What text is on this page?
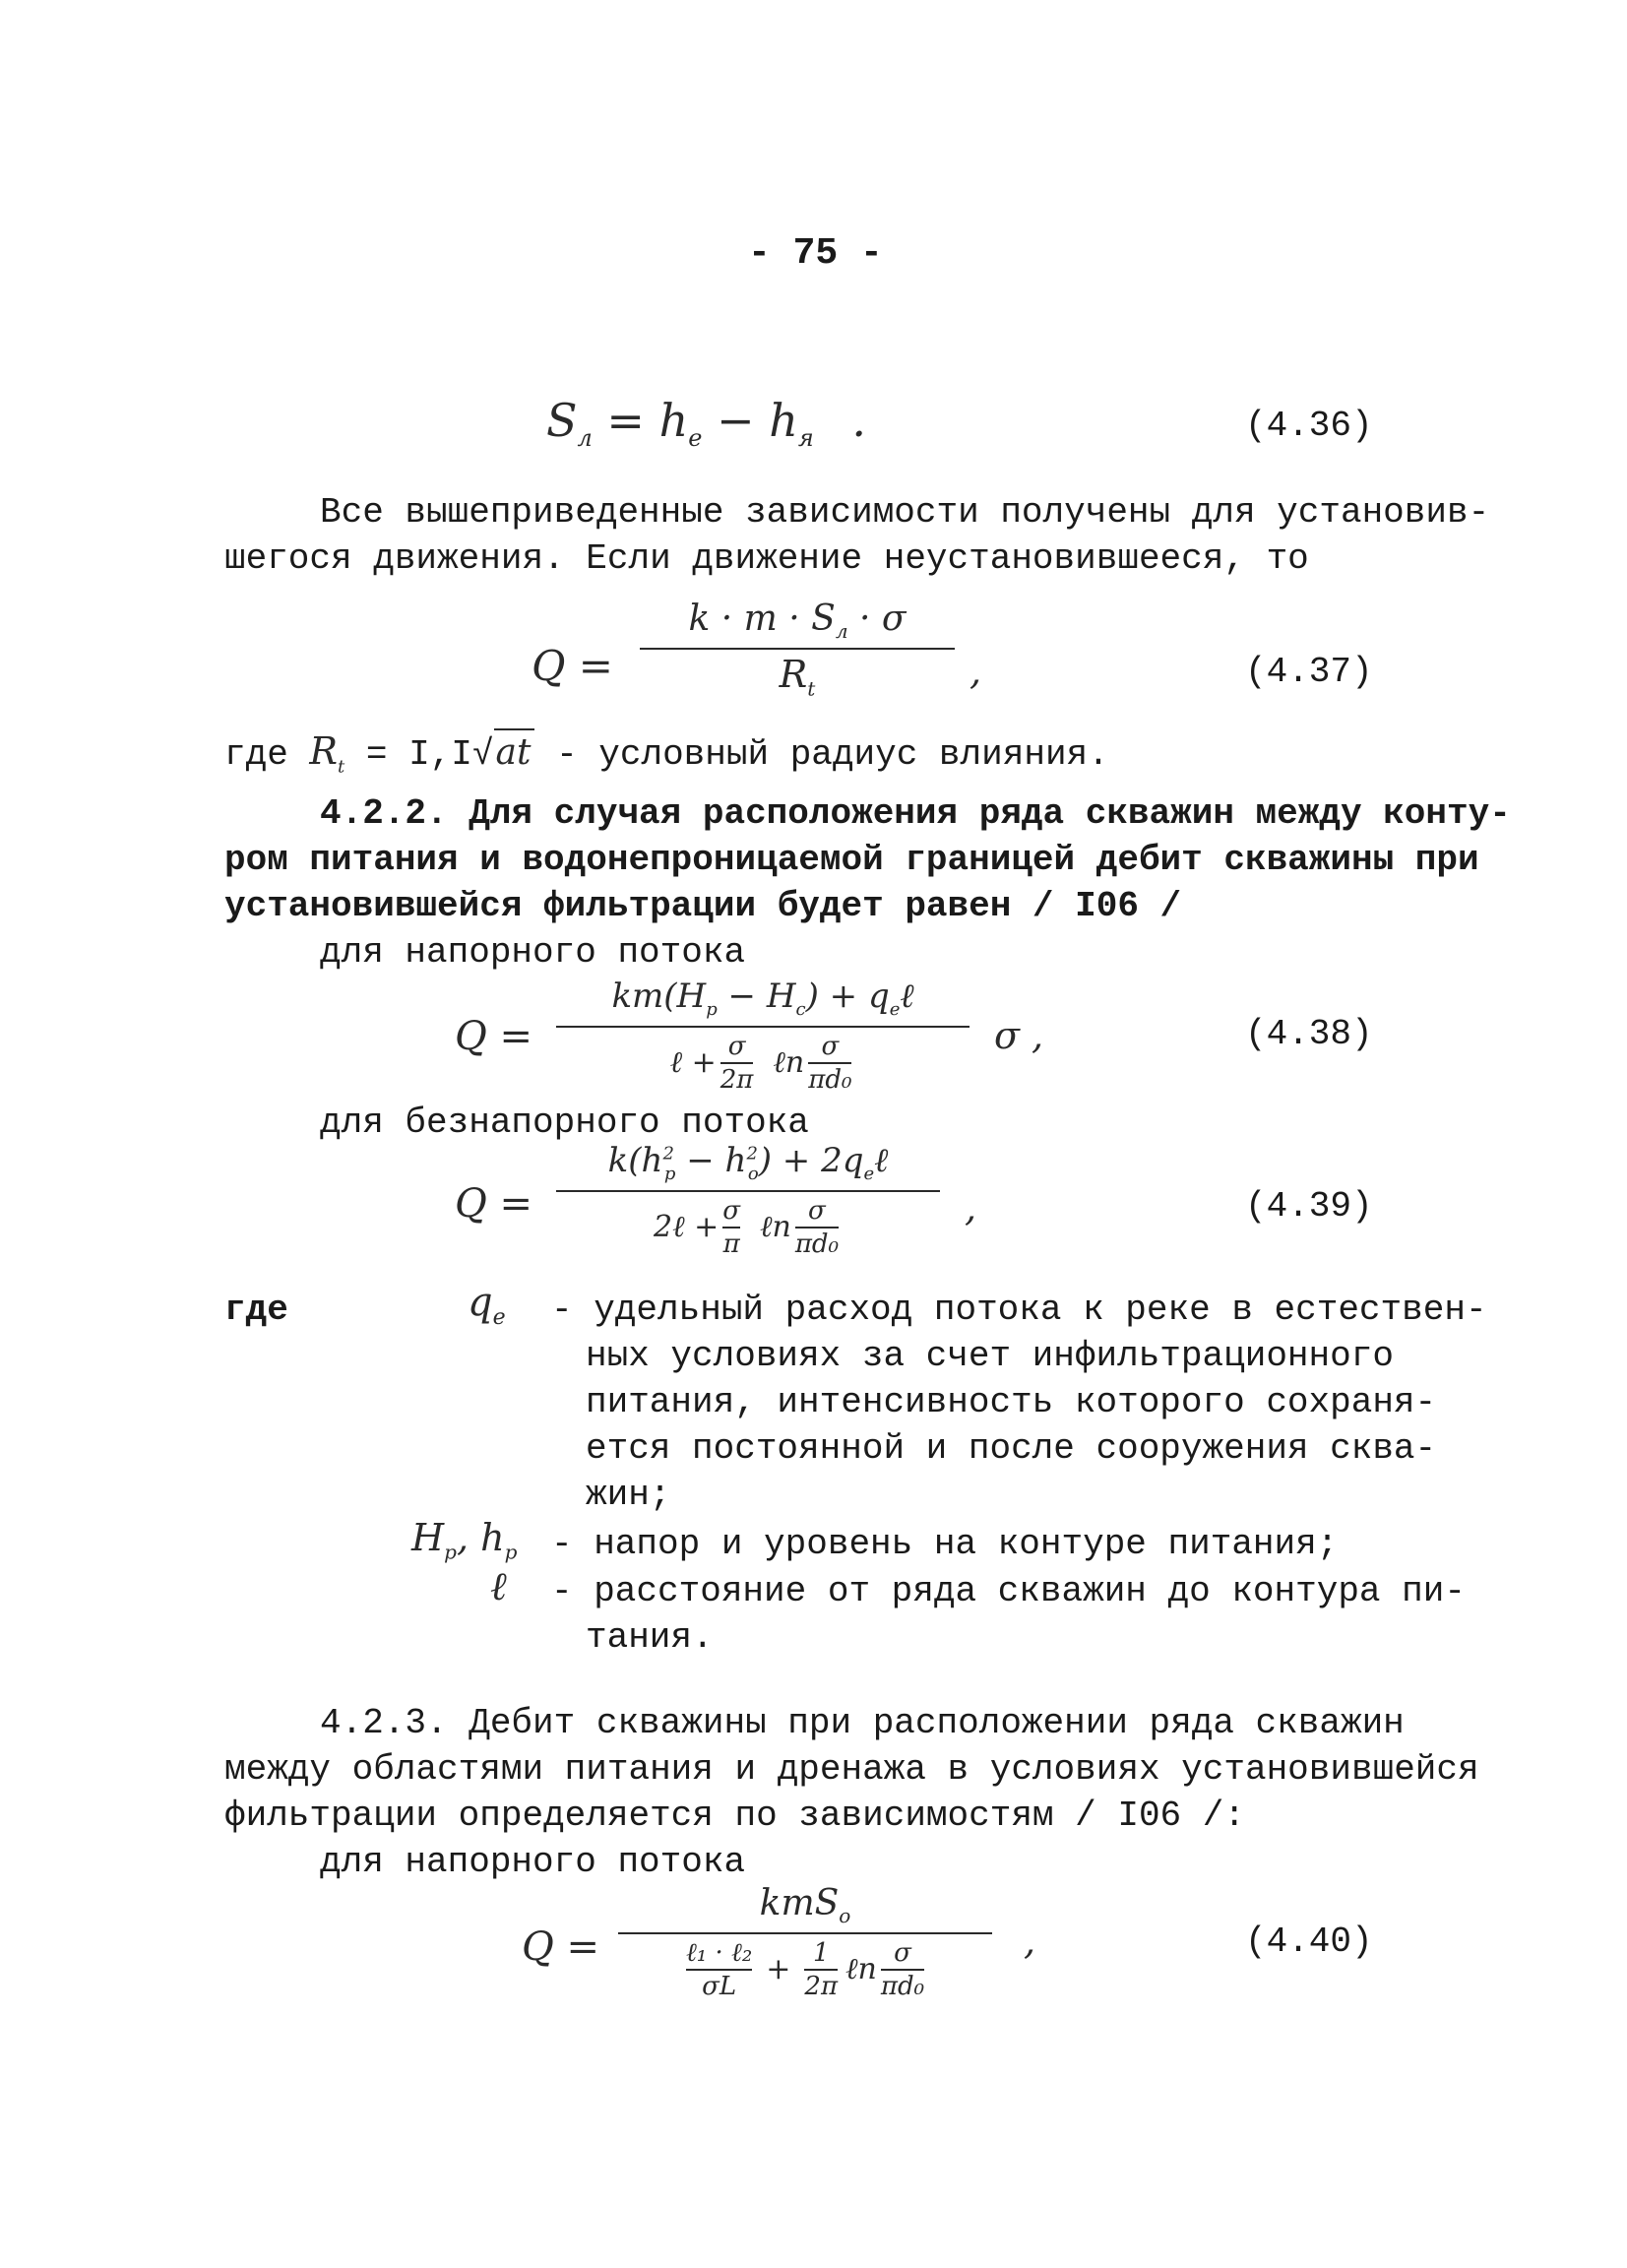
- 75 -
$S_л = h_e - h_я$ .	(4.36)
Все вышеприведенные зависимости получены для установив-
шегося движения. Если движение неустановившееся, то
Q =
$k \cdot m \cdot S_л \cdot \sigma$
$R_t$	,	(4.37)
где $R_t = I,I√at$ - условный радиус влияния.
4.2.2. Для случая расположения ряда скважин между конту-
ром питания и водонепроницаемой границей дебит скважины при
установившейся фильтрации будет равен / I06 /
для напорного потока
Q =
$km(H_p - H_c)$ + $q_e\ell$
ℓ + σ
2π ℓn σ
πd₀
σ ,	(4.38)
для безнапорного потока
Q =
$k(h^2_p - h^2_o)$ + $2q_e\ell$
2ℓ + σ
π ℓn σ
πd₀
,	(4.39)
где	$q_e$ - удельный расход потока к реке в естествен-
ных условиях за счет инфильтрационного
питания, интенсивность которого сохраня-
ется постоянной и после сооружения сква-
жин;
$H_p$, $h_p$ - напор и уровень на контуре питания;
ℓ - расстояние от ряда скважин до контура пи-
тания.
4.2.3. Дебит скважины при расположении ряда скважин
между областями питания и дренажа в условиях установившейся
фильтрации определяется по зависимостям / I06 /:
для напорного потока
Q =
kmS$_o$
ℓ₁ · ℓ₂
σL + 1
2π ℓn σ
πd₀
,	(4.40)
